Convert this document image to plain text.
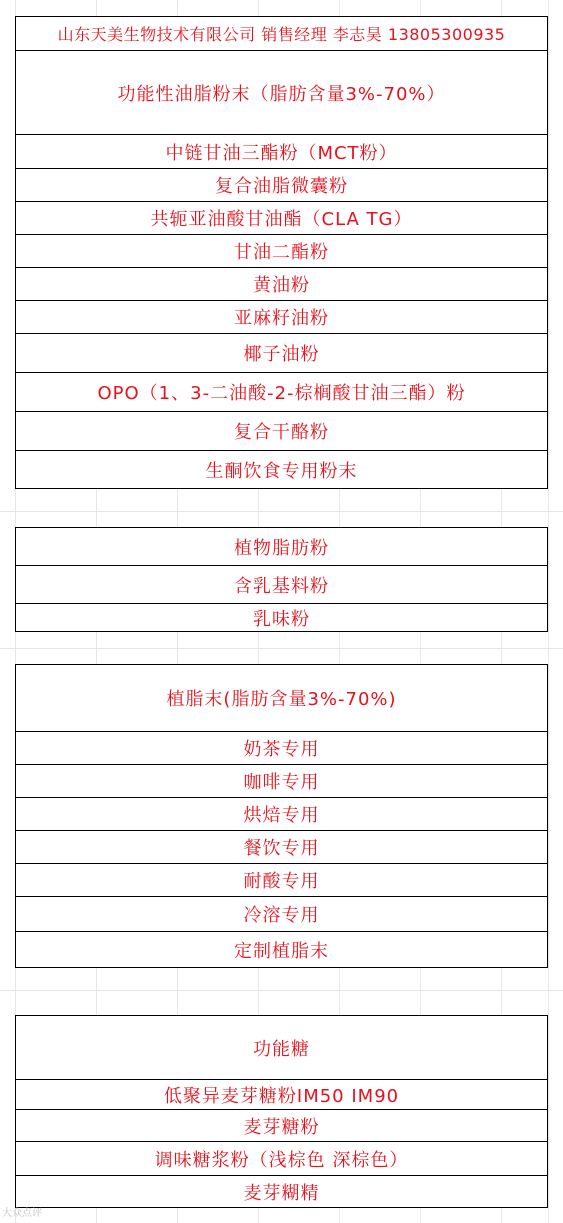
山东天美生物技术有限公司 销售经理 李志昊 13805300935
功能性油脂粉末（脂肪含量3%-70%）
中链甘油三酯粉（MCT粉）
复合油脂微囊粉
共轭亚油酸甘油酯（CLA TG）
甘油二酯粉
黄油粉
亚麻籽油粉
椰子油粉
OPO（1、3-二油酸-2-棕榈酸甘油三酯）粉
复合干酪粉
生酮饮食专用粉末
植物脂肪粉
含乳基料粉
乳味粉
植脂末(脂肪含量3%-70%)
奶茶专用
咖啡专用
烘焙专用
餐饮专用
耐酸专用
冷溶专用
定制植脂末
功能糖
低聚异麦芽糖粉IM50 IM90
麦芽糖粉
调味糖浆粉（浅棕色 深棕色）
麦芽糊精
大众点评
